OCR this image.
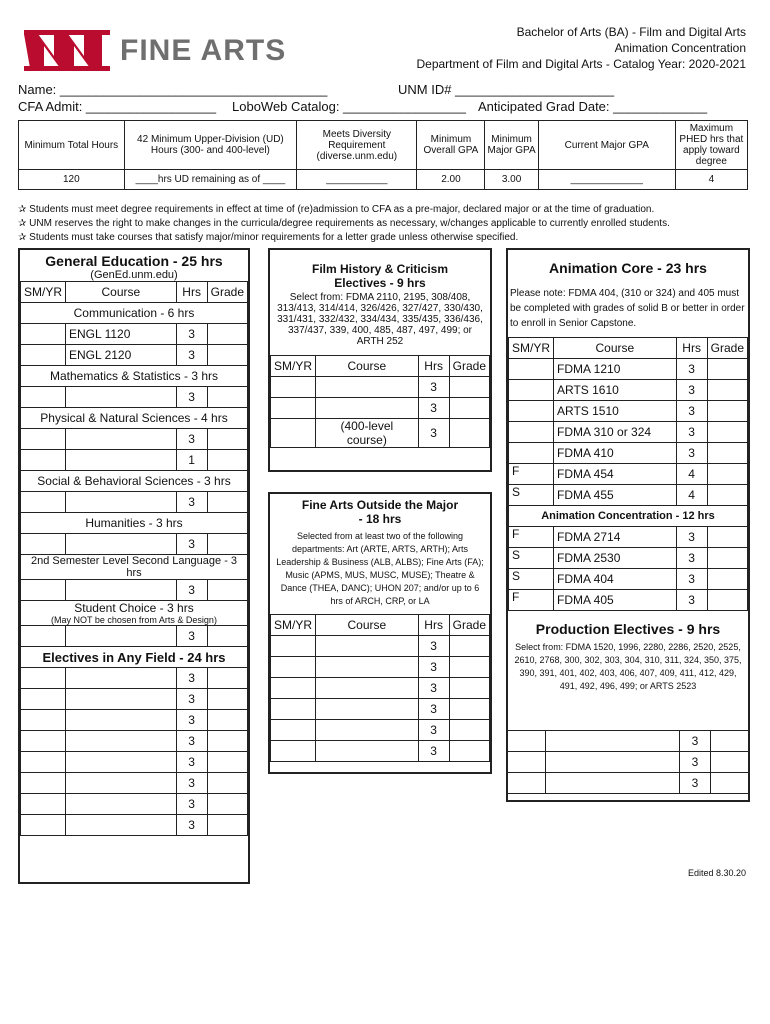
FINE ARTS
Bachelor of Arts (BA) - Film and Digital Arts
Animation Concentration
Department of Film and Digital Arts - Catalog Year: 2020-2021
Name: _____________________________________	UNM ID# ______________________
CFA Admit: __________________ LoboWeb Catalog: _________________ Anticipated Grad Date: _____________
Minimum Total Hours	42 Minimum Upper-Division (UD) Hours (300- and 400-level)	Meets Diversity Requirement (diverse.unm.edu)	Minimum Overall GPA	Minimum Major GPA	Current Major GPA	Maximum PHED hrs that apply toward degree
120	____hrs UD remaining as of ____	___________	2.00	3.00	_____________	4
✰ Students must meet degree requirements in effect at time of (re)admission to CFA as a pre-major, declared major or at the time of graduation.
✰ UNM reserves the right to make changes in the curricula/degree requirements as necessary, w/changes applicable to currently enrolled students.
✰ Students must take courses that satisfy major/minor requirements for a letter grade unless otherwise specified.
General Education - 25 hrs
(GenEd.unm.edu)
SM/YR	Course	Hrs	Grade
Communication - 6 hrs			
	ENGL 1120	3	
	ENGL 2120	3	
Mathematics & Statistics - 3 hrs			
		3	
Physical & Natural Sciences - 4 hrs			
		3	
		1	
Social & Behavioral Sciences - 3 hrs			
		3	
Humanities - 3 hrs			
		3	
2nd Semester Level Second Language - 3 hrs			
		3	

Student Choice - 3 hrs
(May NOT be chosen from Arts & Design)			

		3	
Electives in Any Field - 24 hrs			
		3	
		3	
		3	
		3	
		3	
		3	
		3	
		3	
Film History & Criticism Electives - 9 hrs
Select from: FDMA 2110, 2195, 308/408, 313/413, 314/414, 326/426, 327/427, 330/430, 331/431, 332/432, 334/434, 335/435, 336/436, 337/437, 339, 400, 485, 487, 497, 499; or ARTH 252
SM/YR	Course	Hrs	Grade
		3	
		3	
	(400-level course)	3	
Fine Arts Outside the Major - 18 hrs
Selected from at least two of the following departments: Art (ARTE, ARTS, ARTH); Arts Leadership & Business (ALB, ALBS); Fine Arts (FA); Music (APMS, MUS, MUSC, MUSE); Theatre & Dance (THEA, DANC); UHON 207; and/or up to 6 hrs of ARCH, CRP, or LA
SM/YR	Course	Hrs	Grade
		3	
		3	
		3	
		3	
		3	
		3	
Animation Core - 23 hrs
Please note: FDMA 404, (310 or 324) and 405 must be completed with grades of solid B or better in order to enroll in Senior Capstone.
SM/YR	Course	Hrs	Grade
	FDMA 1210	3	
	ARTS 1610	3	
	ARTS 1510	3	
	FDMA 310 or 324	3	
	FDMA 410	3	
F	FDMA 454	4	
S	FDMA 455	4	
Animation Concentration - 12 hrs			
F	FDMA 2714	3	
S	FDMA 2530	3	
S	FDMA 404	3	
F	FDMA 405	3	
Production Electives - 9 hrs
Select from: FDMA 1520, 1996, 2280, 2286, 2520, 2525, 2610, 2768, 300, 302, 303, 304, 310, 311, 324, 350, 375, 390, 391, 401, 402, 403, 406, 407, 409, 411, 412, 429, 491, 492, 496, 499; or ARTS 2523
		3	
		3	
		3	
Edited 8.30.20
